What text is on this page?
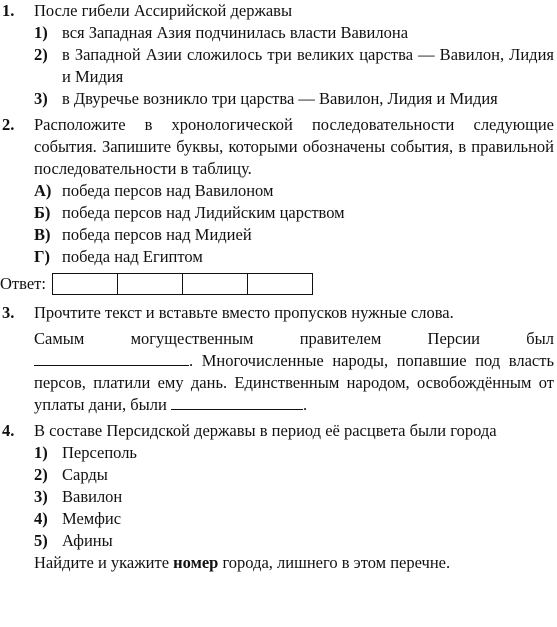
1. После гибели Ассирийской державы
1) вся Западная Азия подчинилась власти Вавилона
2) в Западной Азии сложилось три великих царства — Вавилон, Лидия и Мидия
3) в Двуречье возникло три царства — Вавилон, Лидия и Мидия
2. Расположите в хронологической последовательности следующие события. Запишите буквы, которыми обозначены события, в правильной последовательности в таблицу.
А) победа персов над Вавилоном
Б) победа персов над Лидийским царством
В) победа персов над Мидией
Г) победа над Египтом
Ответ:
3. Прочтите текст и вставьте вместо пропусков нужные слова.
Самым могущественным правителем Персии был . Многочисленные народы, попавшие под власть персов, платили ему дань. Единственным народом, освобождённым от уплаты дани, были	.
4. В составе Персидской державы в период её расцвета были города
1) Персеполь
2) Сарды
3) Вавилон
4) Мемфис
5) Афины
Найдите и укажите номер города, лишнего в этом перечне.
